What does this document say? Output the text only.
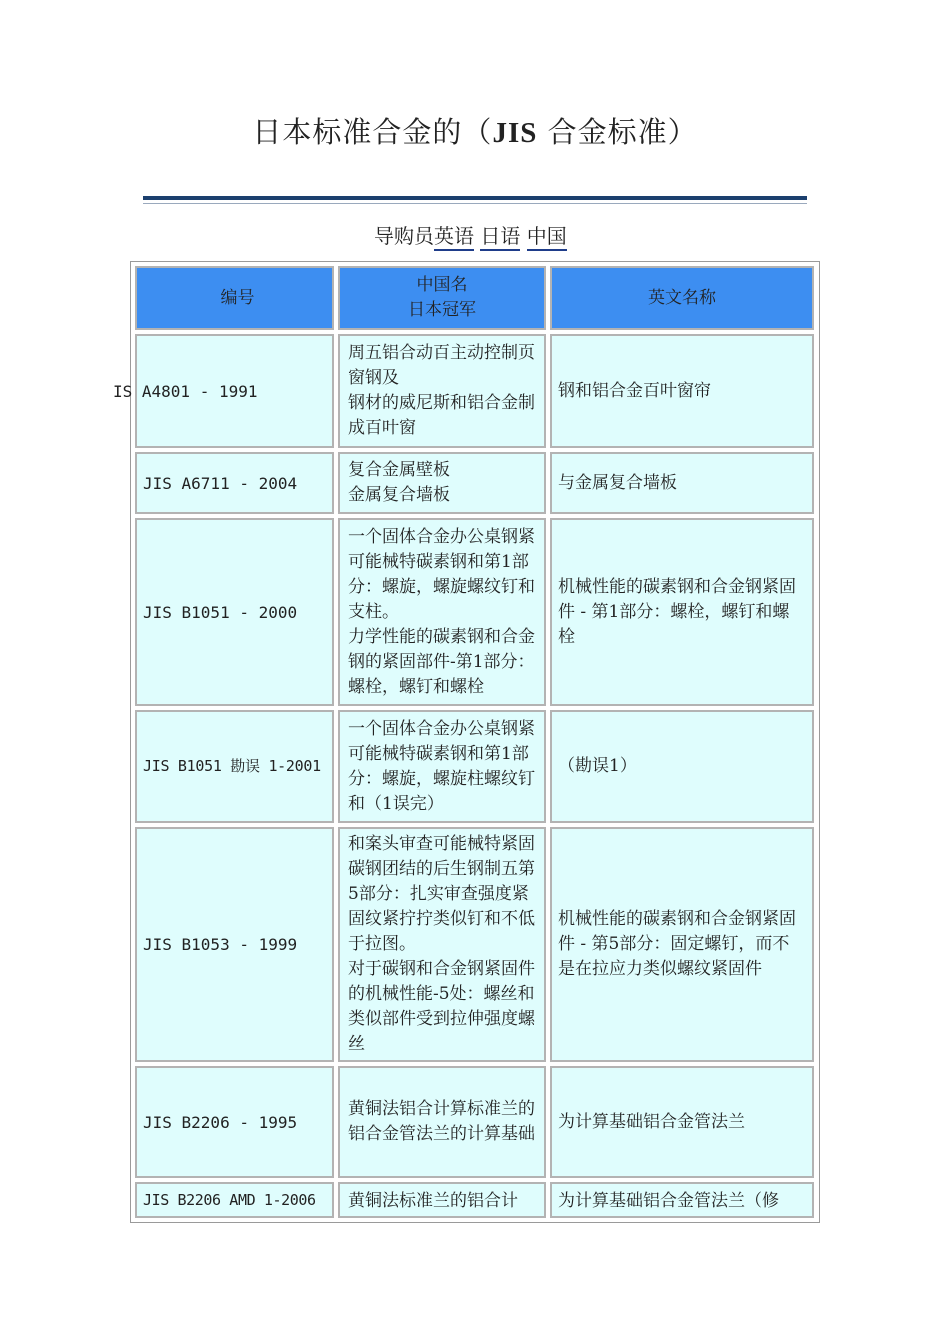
日本标准合金的（JIS 合金标准）
导购员英语 日语 中国
编号
中国名
日本冠军
英文名称
IS A4801 - 1991
周五铝合动百主动控制页窗钢及
钢材的威尼斯和铝合金制成百叶窗
钢和铝合金百叶窗帘
JIS A6711 - 2004
复合金属壁板
金属复合墙板
与金属复合墙板
JIS B1051 - 2000
一个固体合金办公桌钢紧可能械特碳素钢和第1部分：螺旋，螺旋螺纹钉和支柱。
力学性能的碳素钢和合金钢的紧固部件-第1部分：螺栓，螺钉和螺栓
机械性能的碳素钢和合金钢紧固件 - 第1部分：螺栓，螺钉和螺栓
JIS B1051 勘误 1-2001
一个固体合金办公桌钢紧可能械特碳素钢和第1部分：螺旋，螺旋柱螺纹钉和（1误完）
（勘误1）
JIS B1053 - 1999
和案头审查可能械特紧固碳钢团结的后生钢制五第5部分：扎实审查强度紧固纹紧拧拧类似钉和不低于拉图。
对于碳钢和合金钢紧固件的机械性能-5处：螺丝和类似部件受到拉伸强度螺丝
机械性能的碳素钢和合金钢紧固件 - 第5部分：固定螺钉，而不是在拉应力类似螺纹紧固件
JIS B2206 - 1995
黄铜法铝合计算标准兰的
铝合金管法兰的计算基础
为计算基础铝合金管法兰
JIS B2206 AMD 1-2006 黄铜法标准兰的铝合计 为计算基础铝合金管法兰（修
